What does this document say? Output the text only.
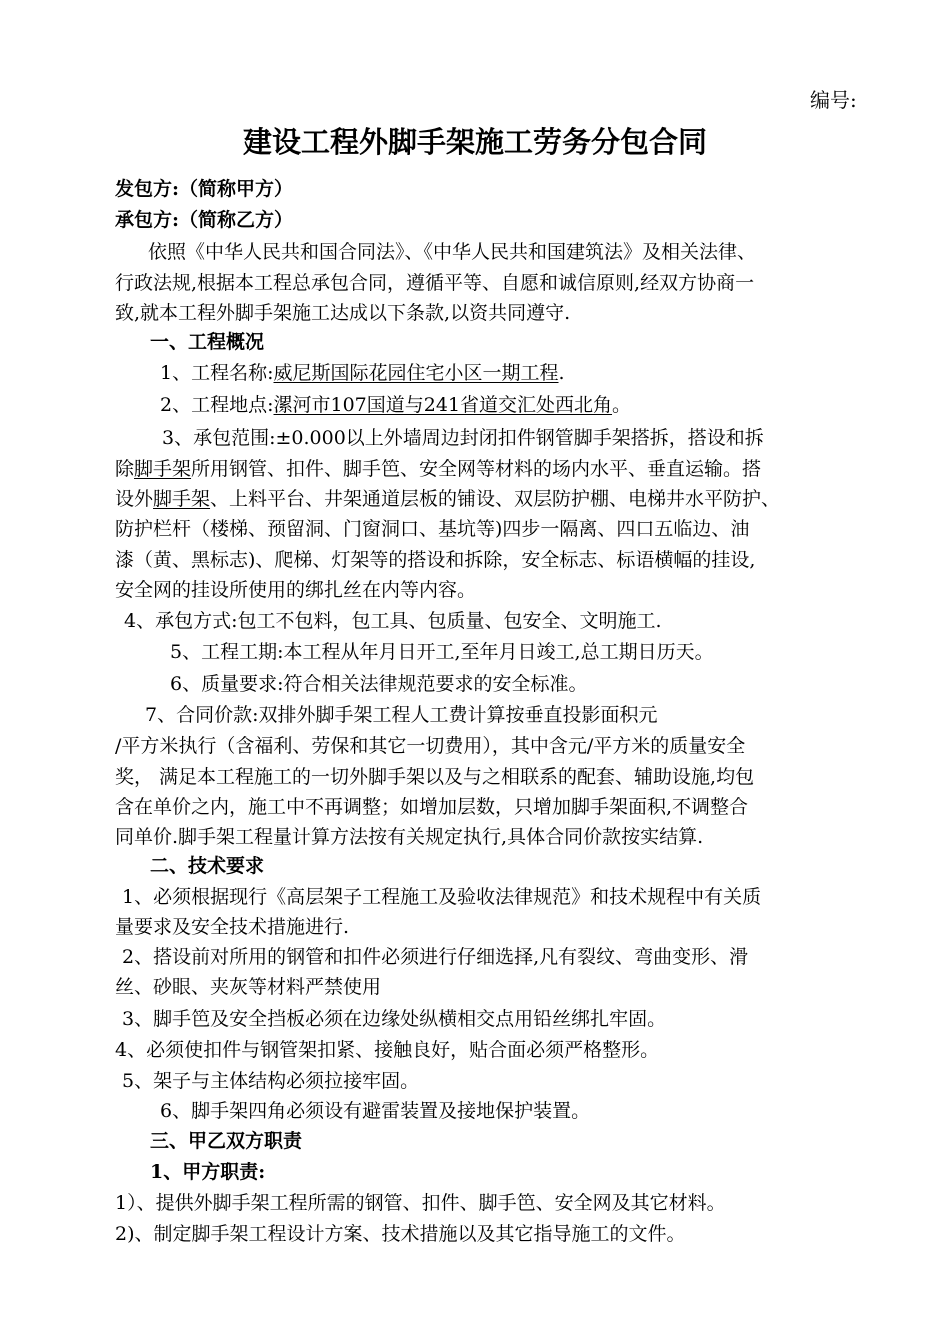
编号:
建设工程外脚手架施工劳务分包合同
发包方:（简称甲方）
承包方:（简称乙方）
依照《中华人民共和国合同法》、《中华人民共和国建筑法》及相关法律、
行政法规,根据本工程总承包合同，遵循平等、自愿和诚信原则,经双方协商一
致,就本工程外脚手架施工达成以下条款,以资共同遵守.
一、工程概况
1、工程名称:威尼斯国际花园住宅小区一期工程.
2、工程地点:漯河市107国道与241省道交汇处西北角。
3、承包范围:±0.000以上外墙周边封闭扣件钢管脚手架搭拆，搭设和拆
除脚手架所用钢管、扣件、脚手笆、安全网等材料的场内水平、垂直运输。搭
设外脚手架、上料平台、井架通道层板的铺设、双层防护棚、电梯井水平防护、
防护栏杆（楼梯、预留洞、门窗洞口、基坑等)四步一隔离、四口五临边、油
漆（黄、黑标志)、爬梯、灯架等的搭设和拆除，安全标志、标语横幅的挂设,
安全网的挂设所使用的绑扎丝在内等内容。
4、承包方式:包工不包料，包工具、包质量、包安全、文明施工.
5、工程工期:本工程从年月日开工,至年月日竣工,总工期日历天。
6、质量要求:符合相关法律规范要求的安全标准。
7、合同价款:双排外脚手架工程人工费计算按垂直投影面积元
/平方米执行（含福利、劳保和其它一切费用），其中含元/平方米的质量安全
奖， 满足本工程施工的一切外脚手架以及与之相联系的配套、辅助设施,均包
含在单价之内，施工中不再调整；如增加层数，只增加脚手架面积,不调整合
同单价.脚手架工程量计算方法按有关规定执行,具体合同价款按实结算.
二、技术要求
1、必须根据现行《高层架子工程施工及验收法律规范》和技术规程中有关质
量要求及安全技术措施进行.
2、搭设前对所用的钢管和扣件必须进行仔细选择,凡有裂纹、弯曲变形、滑
丝、砂眼、夹灰等材料严禁使用
3、脚手笆及安全挡板必须在边缘处纵横相交点用铅丝绑扎牢固。
4、必须使扣件与钢管架扣紧、接触良好，贴合面必须严格整形。
5、架子与主体结构必须拉接牢固。
6、脚手架四角必须设有避雷装置及接地保护装置。
三、甲乙双方职责
1、甲方职责:
1）、提供外脚手架工程所需的钢管、扣件、脚手笆、安全网及其它材料。
2)、制定脚手架工程设计方案、技术措施以及其它指导施工的文件。
